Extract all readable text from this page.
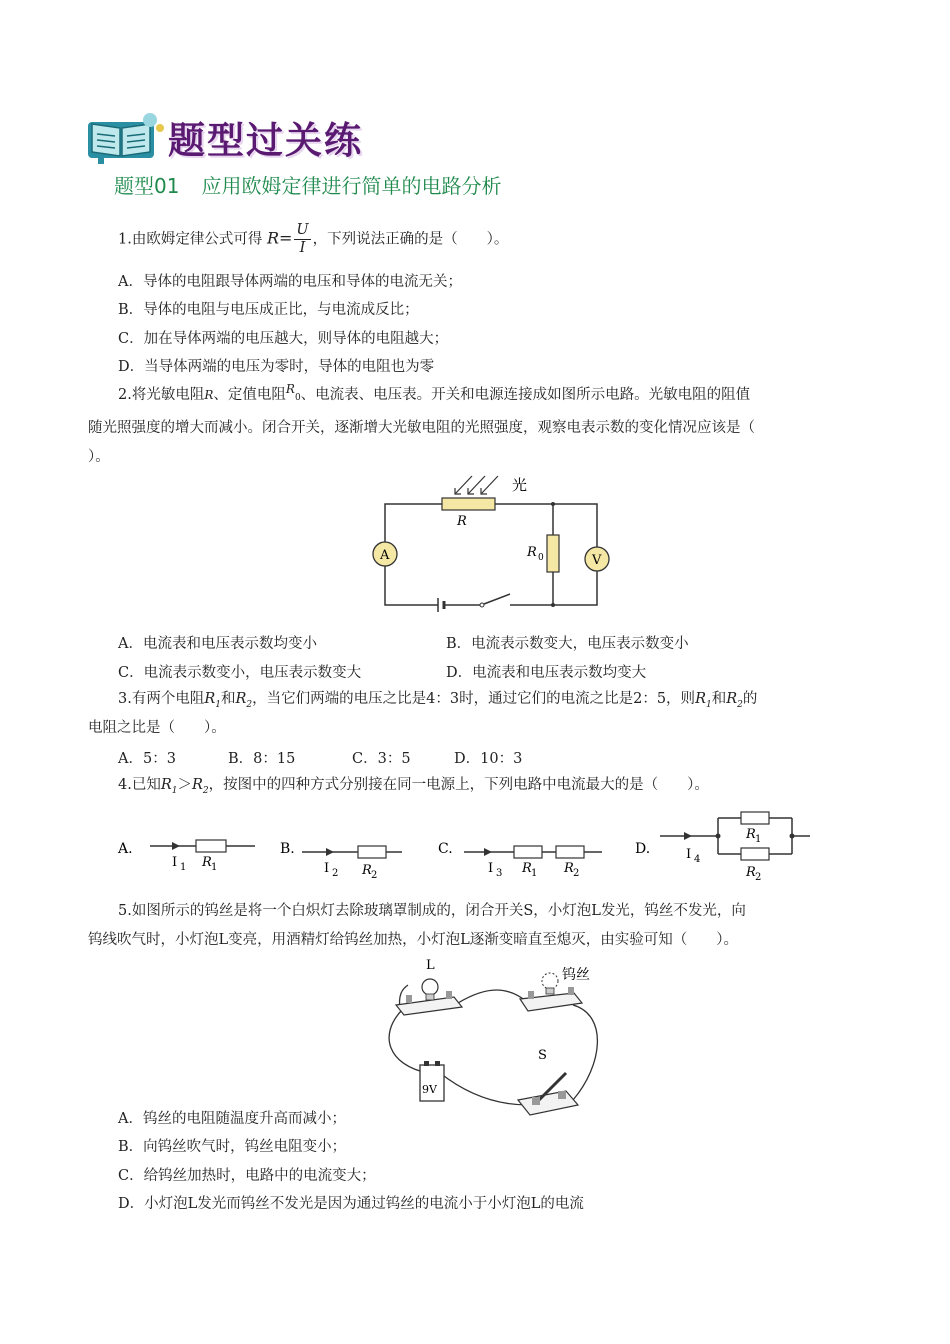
题型过关练
题型01 应用欧姆定律进行简单的电路分析
1.由欧姆定律公式可得 $R= \frac{U}{I}$ ，下列说法正确的是（　　）。
A．导体的电阻跟导体两端的电压和导体的电流无关；
B．导体的电阻与电压成正比，与电流成反比；
C．加在导体两端的电压越大，则导体的电阻越大；
D．当导体两端的电压为零时，导体的电阻也为零
2.将光敏电阻R、定值电阻$^R_0$、电流表、电压表。开关和电源连接成如图所示电路。光敏电阻的阻值
随光照强度的增大而减小。闭合开关，逐渐增大光敏电阻的光照强度，观察电表示数的变化情况应该是（
）。
光
R
R 0
A	V
A．电流表和电压表示数均变小	B．电流表示数变大，电压表示数变小
C．电流表示数变小，电压表示数变大	D．电流表和电压表示数均变大
3.有两个电阻$R_1$和$R_2$，当它们两端的电压之比是4：3时，通过它们的电流之比是2：5，则$R_1$和$R_2$的
电阻之比是（　　）。
A．5：3	B．8：15	C．3：5	D．10：3
4.已知$R_1>R_2$，按图中的四种方式分别接在同一电源上，下列电路中电流最大的是（　　）。
A.
I 1 R 1
B.
I 2 R 2
C.
I 3 R 1 R 2
D.	I 4
R 1
R 2
5.如图所示的钨丝是将一个白炽灯去除玻璃罩制成的，闭合开关S，小灯泡L发光，钨丝不发光，向
钨线吹气时，小灯泡L变亮，用酒精灯给钨丝加热，小灯泡L逐渐变暗直至熄灭，由实验可知（　　）。
L
钨丝
9V
S
A．钨丝的电阻随温度升高而减小；
B．向钨丝吹气时，钨丝电阻变小；
C．给钨丝加热时，电路中的电流变大；
D．小灯泡L发光而钨丝不发光是因为通过钨丝的电流小于小灯泡L的电流
